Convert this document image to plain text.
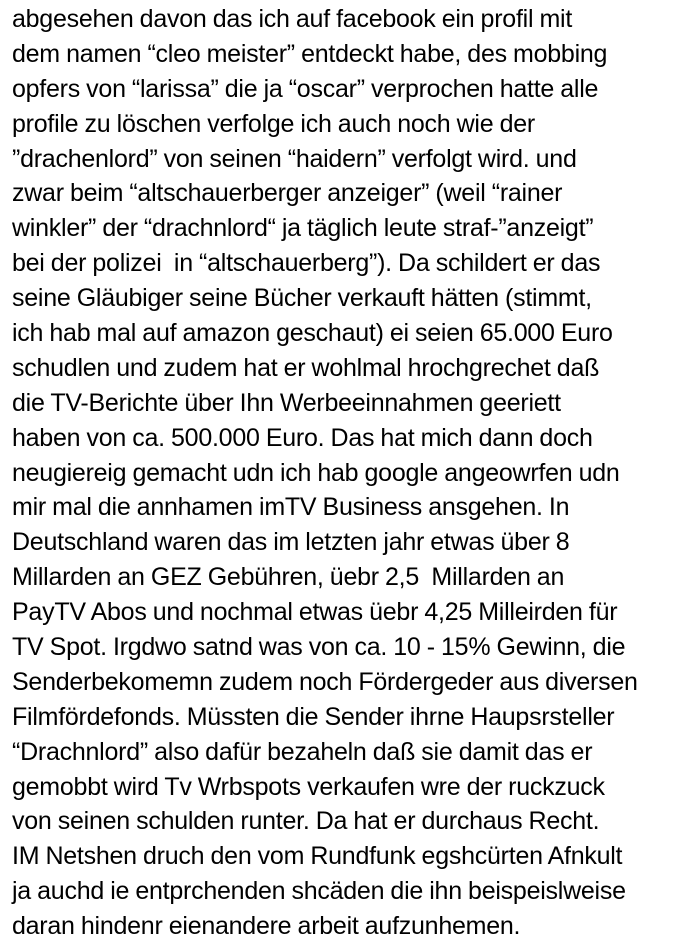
abgesehen davon das ich auf facebook ein profil mit
dem namen “cleo meister” entdeckt habe, des mobbing
opfers von “larissa” die ja “oscar” verprochen hatte alle
profile zu löschen verfolge ich auch noch wie der
”drachenlord” von seinen “haidern” verfolgt wird. und
zwar beim “altschauerberger anzeiger” (weil “rainer
winkler” der “drachnlord“ ja täglich leute straf-”anzeigt”
bei der polizei  in “altschauerberg”). Da schildert er das
seine Gläubiger seine Bücher verkauft hätten (stimmt,
ich hab mal auf amazon geschaut) ei seien 65.000 Euro
schudlen und zudem hat er wohlmal hrochgrechet daß
die TV-Berichte über Ihn Werbeeinnahmen geeriett
haben von ca. 500.000 Euro. Das hat mich dann doch
neugiereig gemacht udn ich hab google angeowrfen udn
mir mal die annhamen imTV Business ansgehen. In
Deutschland waren das im letzten jahr etwas über 8
Millarden an GEZ Gebühren, üebr 2,5  Millarden an
PayTV Abos und nochmal etwas üebr 4,25 Milleirden für
TV Spot. Irgdwo satnd was von ca. 10 - 15% Gewinn, die
Senderbekomemn zudem noch Fördergeder aus diversen
Filmfördefonds. Müssten die Sender ihrne Haupsrsteller
“Drachnlord” also dafür bezaheln daß sie damit das er
gemobbt wird Tv Wrbspots verkaufen wre der ruckzuck
von seinen schulden runter. Da hat er durchaus Recht.
IM Netshen druch den vom Rundfunk egshcürten Afnkult
ja auchd ie entprchenden shcäden die ihn beispeislweise
daran hindenr eienandere arbeit aufzunhemen.
